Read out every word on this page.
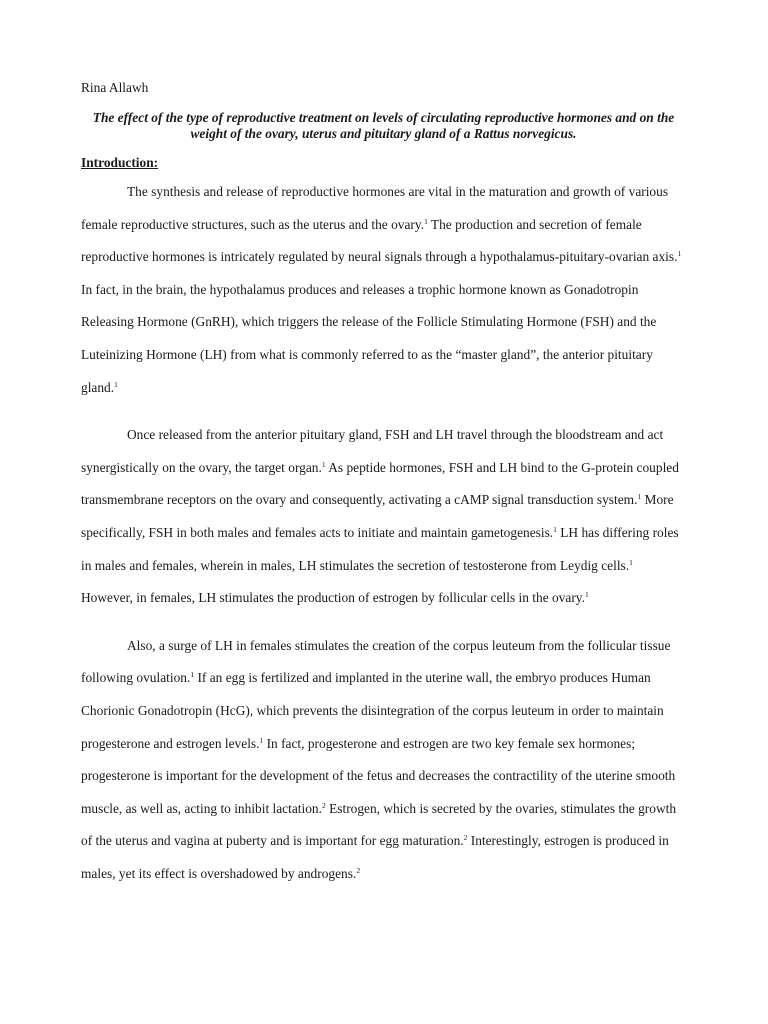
Rina Allawh

The effect of the type of reproductive treatment on levels of circulating reproductive hormones and on the weight of the ovary, uterus and pituitary gland of a Rattus norvegicus.

Introduction:

The synthesis and release of reproductive hormones are vital in the maturation and growth of various female reproductive structures, such as the uterus and the ovary.$^1$ The production and secretion of female reproductive hormones is intricately regulated by neural signals through a hypothalamus-pituitary-ovarian axis.$^1$ In fact, in the brain, the hypothalamus produces and releases a trophic hormone known as Gonadotropin Releasing Hormone (GnRH), which triggers the release of the Follicle Stimulating Hormone (FSH) and the Luteinizing Hormone (LH) from what is commonly referred to as the “master gland”, the anterior pituitary gland.$^1$

Once released from the anterior pituitary gland, FSH and LH travel through the bloodstream and act synergistically on the ovary, the target organ.$^1$ As peptide hormones, FSH and LH bind to the G-protein coupled transmembrane receptors on the ovary and consequently, activating a cAMP signal transduction system.$^1$ More specifically, FSH in both males and females acts to initiate and maintain gametogenesis.$^1$ LH has differing roles in males and females, wherein in males, LH stimulates the secretion of testosterone from Leydig cells.$^1$ However, in females, LH stimulates the production of estrogen by follicular cells in the ovary.$^1$

Also, a surge of LH in females stimulates the creation of the corpus leuteum from the follicular tissue following ovulation.$^1$ If an egg is fertilized and implanted in the uterine wall, the embryo produces Human Chorionic Gonadotropin (HcG), which prevents the disintegration of the corpus leuteum in order to maintain progesterone and estrogen levels.$^1$ In fact, progesterone and estrogen are two key female sex hormones; progesterone is important for the development of the fetus and decreases the contractility of the uterine smooth muscle, as well as, acting to inhibit lactation.$^2$ Estrogen, which is secreted by the ovaries, stimulates the growth of the uterus and vagina at puberty and is important for egg maturation.$^2$ Interestingly, estrogen is produced in males, yet its effect is overshadowed by androgens.$^2$
